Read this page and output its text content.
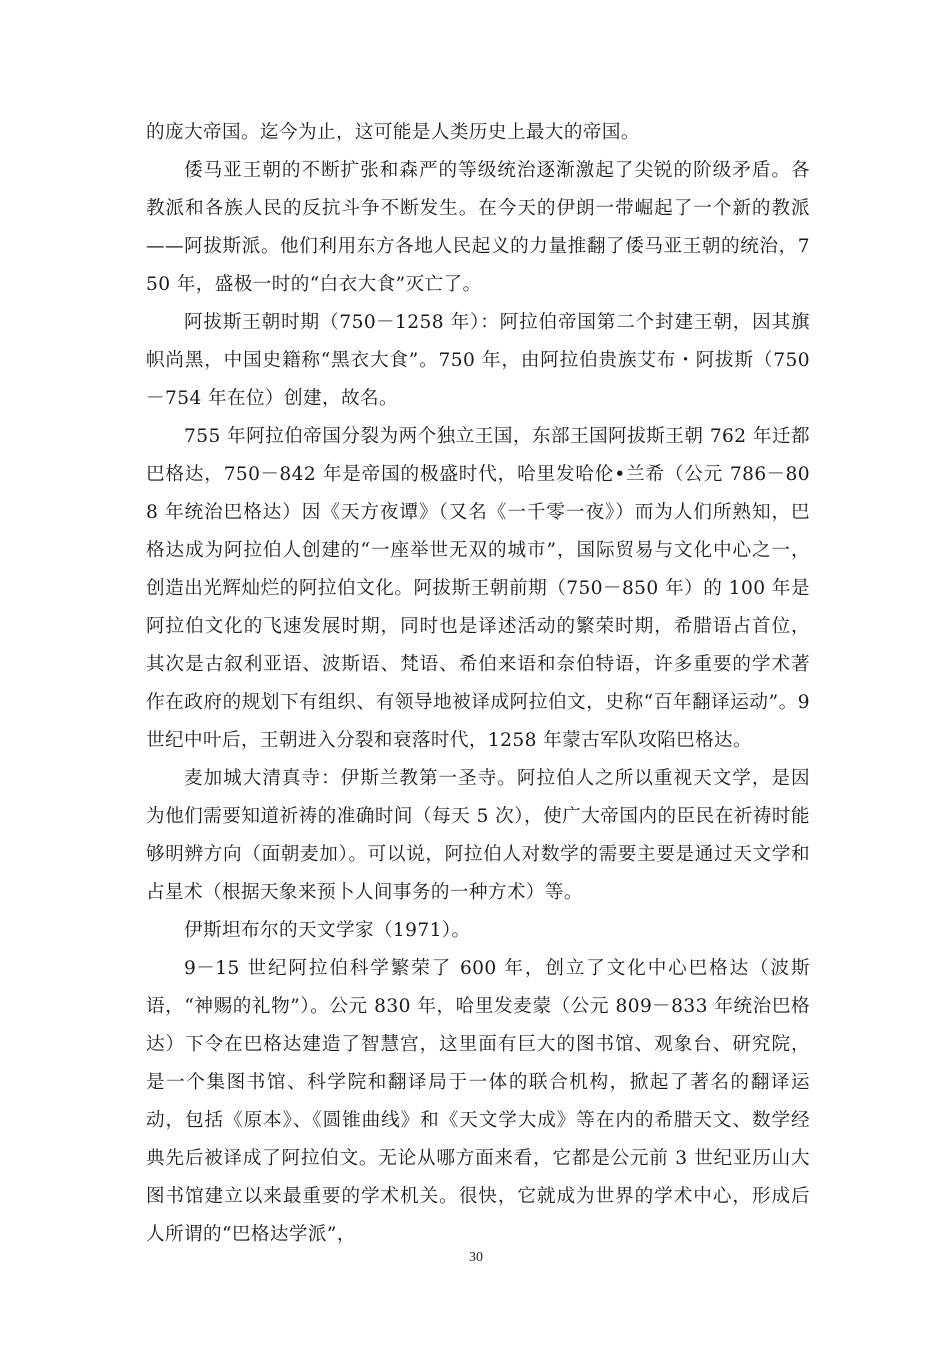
的庞大帝国。迄今为止，这可能是人类历史上最大的帝国。

倭马亚王朝的不断扩张和森严的等级统治逐渐激起了尖锐的阶级矛盾。各教派和各族人民的反抗斗争不断发生。在今天的伊朗一带崛起了一个新的教派——阿拔斯派。他们利用东方各地人民起义的力量推翻了倭马亚王朝的统治，750 年，盛极一时的“白衣大食”灭亡了。

阿拔斯王朝时期（750－1258 年）：阿拉伯帝国第二个封建王朝，因其旗帜尚黑，中国史籍称“黑衣大食”。750 年，由阿拉伯贵族艾布・阿拔斯（750－754 年在位）创建，故名。

755 年阿拉伯帝国分裂为两个独立王国，东部王国阿拔斯王朝 762 年迁都巴格达，750－842 年是帝国的极盛时代，哈里发哈伦•兰希（公元 786－808 年统治巴格达）因《天方夜谭》（又名《一千零一夜》）而为人们所熟知，巴格达成为阿拉伯人创建的“一座举世无双的城市”，国际贸易与文化中心之一，创造出光辉灿烂的阿拉伯文化。阿拔斯王朝前期（750－850 年）的 100 年是阿拉伯文化的飞速发展时期，同时也是译述活动的繁荣时期，希腊语占首位，其次是古叙利亚语、波斯语、梵语、希伯来语和奈伯特语，许多重要的学术著作在政府的规划下有组织、有领导地被译成阿拉伯文，史称“百年翻译运动”。9 世纪中叶后，王朝进入分裂和衰落时代，1258 年蒙古军队攻陷巴格达。

麦加城大清真寺：伊斯兰教第一圣寺。阿拉伯人之所以重视天文学，是因为他们需要知道祈祷的准确时间（每天 5 次），使广大帝国内的臣民在祈祷时能够明辨方向（面朝麦加）。可以说，阿拉伯人对数学的需要主要是通过天文学和占星术（根据天象来预卜人间事务的一种方术）等。

伊斯坦布尔的天文学家（1971）。

9－15 世纪阿拉伯科学繁荣了 600 年，创立了文化中心巴格达（波斯语，“神赐的礼物”）。公元 830 年，哈里发麦蒙（公元 809－833 年统治巴格达）下令在巴格达建造了智慧宫，这里面有巨大的图书馆、观象台、研究院，是一个集图书馆、科学院和翻译局于一体的联合机构，掀起了著名的翻译运动，包括《原本》、《圆锥曲线》和《天文学大成》等在内的希腊天文、数学经典先后被译成了阿拉伯文。无论从哪方面来看，它都是公元前 3 世纪亚历山大图书馆建立以来最重要的学术机关。很快，它就成为世界的学术中心，形成后人所谓的“巴格达学派”，

30
